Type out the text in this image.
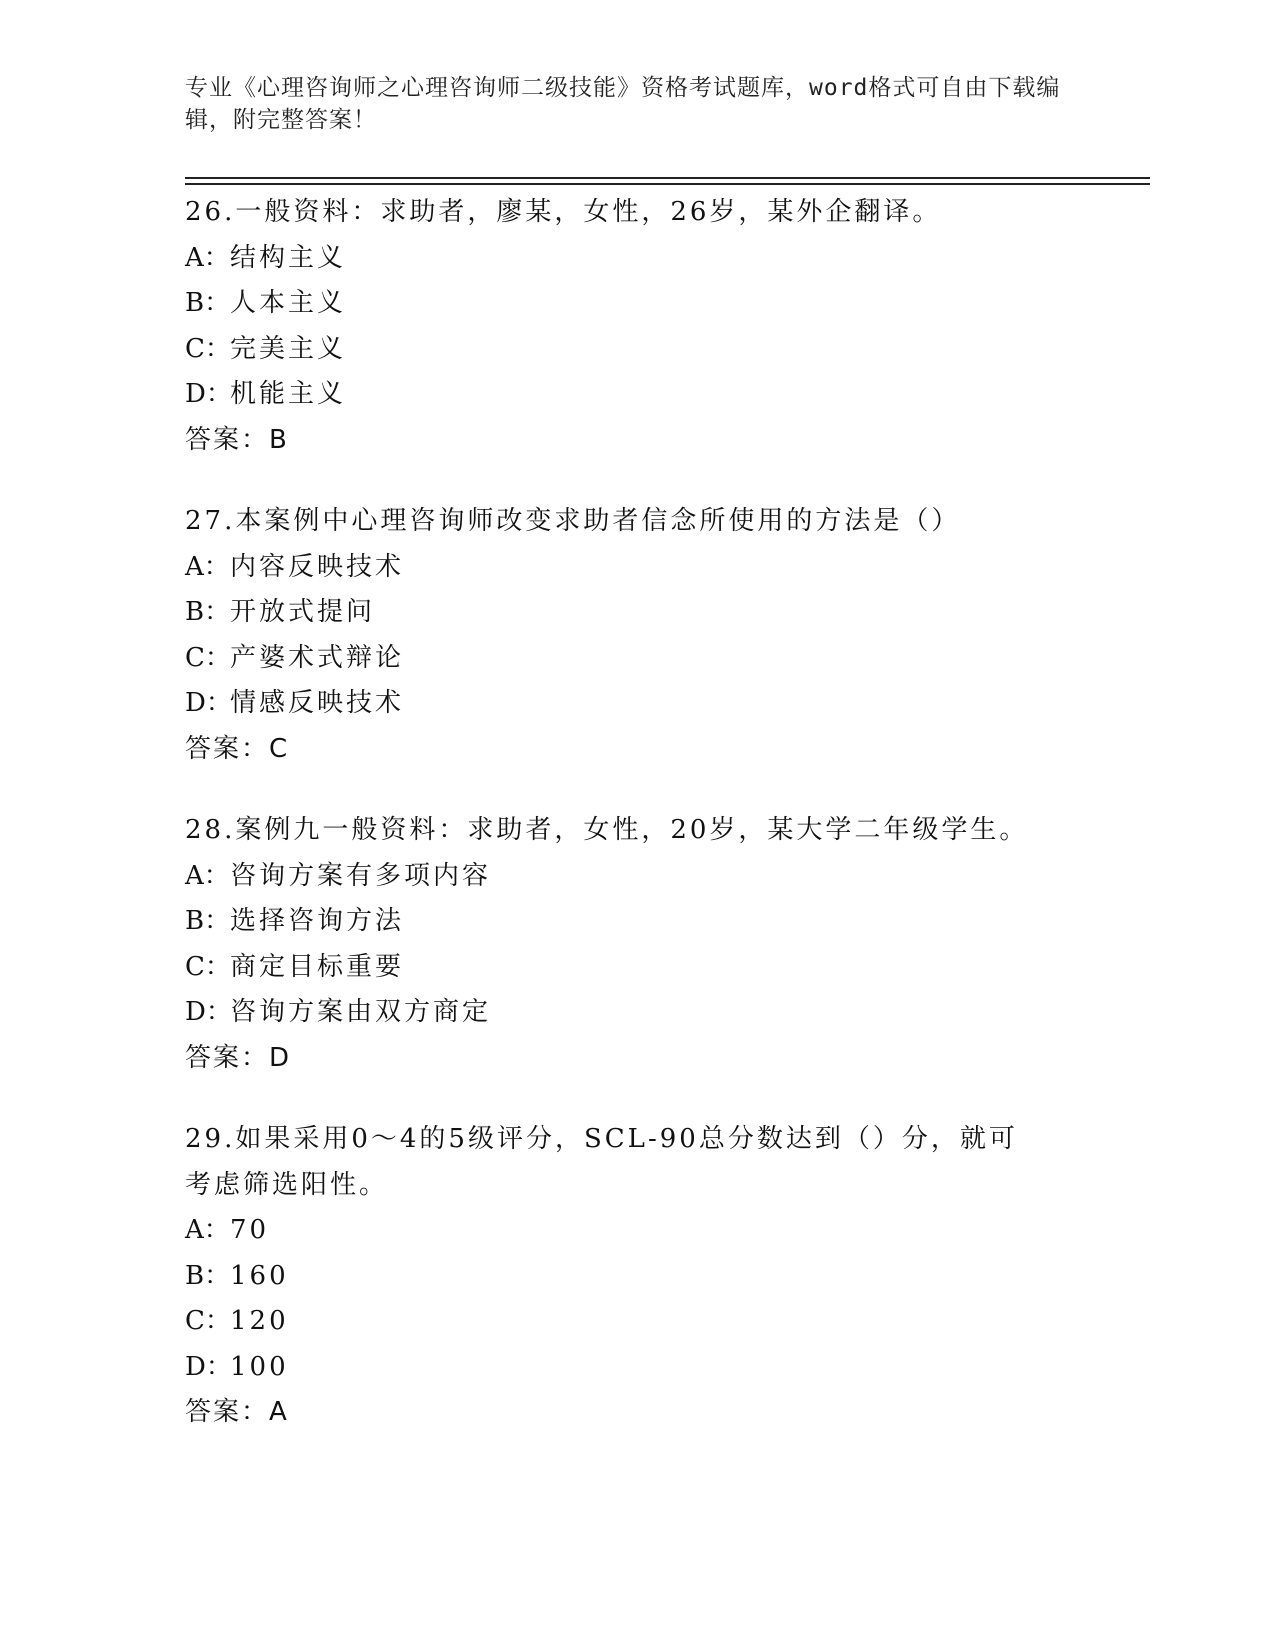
专业《心理咨询师之心理咨询师二级技能》资格考试题库，word格式可自由下载编辑，附完整答案！
26.一般资料：求助者，廖某，女性，26岁，某外企翻译。
A：结构主义
B：人本主义
C：完美主义
D：机能主义
答案：B
27.本案例中心理咨询师改变求助者信念所使用的方法是（）
A：内容反映技术
B：开放式提问
C：产婆术式辩论
D：情感反映技术
答案：C
28.案例九一般资料：求助者，女性，20岁，某大学二年级学生。
A：咨询方案有多项内容
B：选择咨询方法
C：商定目标重要
D：咨询方案由双方商定
答案：D
29.如果采用0～4的5级评分，SCL-90总分数达到（）分，就可考虑筛选阳性。
A：70
B：160
C：120
D：100
答案：A
